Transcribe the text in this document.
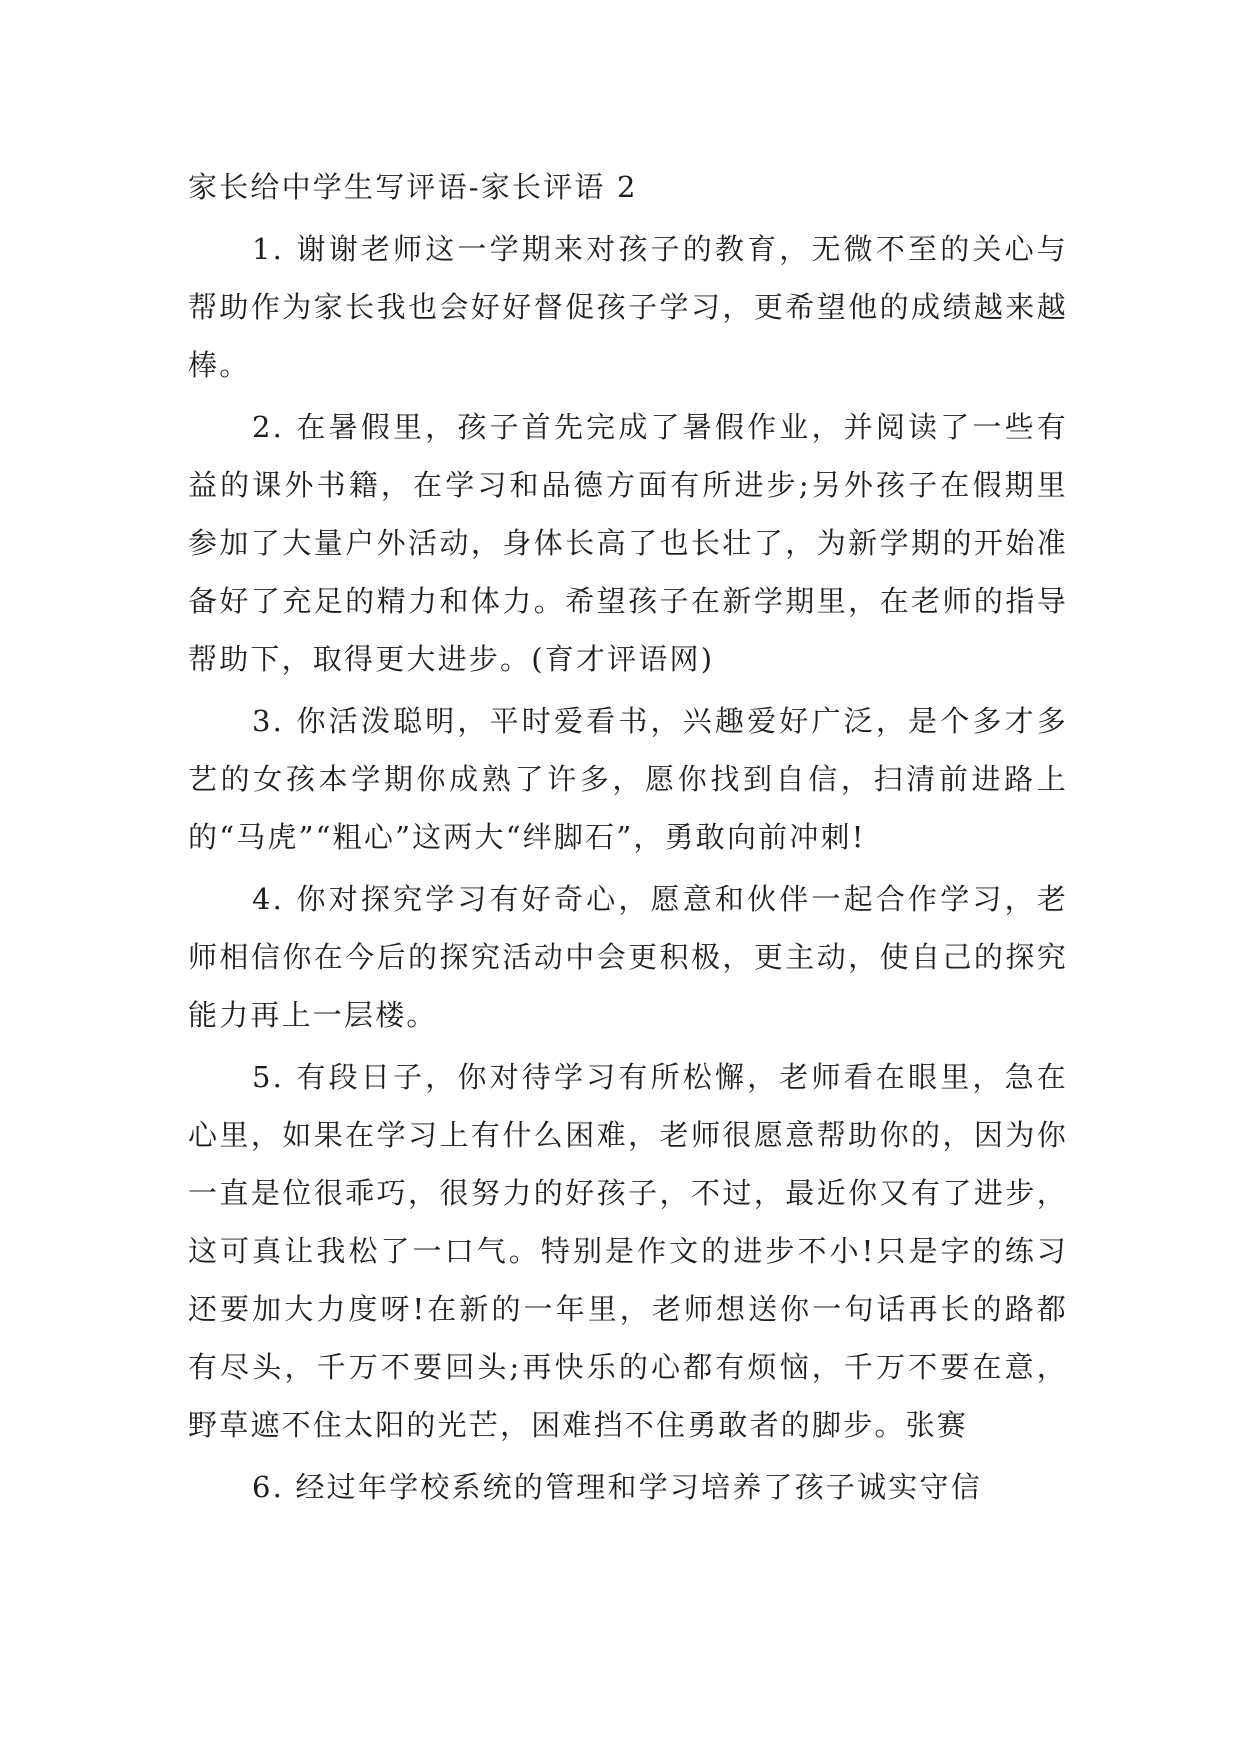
家长给中学生写评语-家长评语 2

1. 谢谢老师这一学期来对孩子的教育，无微不至的关心与帮助作为家长我也会好好督促孩子学习，更希望他的成绩越来越棒。

2. 在暑假里，孩子首先完成了暑假作业，并阅读了一些有益的课外书籍，在学习和品德方面有所进步;另外孩子在假期里参加了大量户外活动，身体长高了也长壮了，为新学期的开始准备好了充足的精力和体力。希望孩子在新学期里，在老师的指导帮助下，取得更大进步。(育才评语网)

3. 你活泼聪明，平时爱看书，兴趣爱好广泛，是个多才多艺的女孩本学期你成熟了许多，愿你找到自信，扫清前进路上的“马虎”“粗心”这两大“绊脚石”，勇敢向前冲刺!

4. 你对探究学习有好奇心，愿意和伙伴一起合作学习，老师相信你在今后的探究活动中会更积极，更主动，使自己的探究能力再上一层楼。

5. 有段日子，你对待学习有所松懈，老师看在眼里，急在心里，如果在学习上有什么困难，老师很愿意帮助你的，因为你一直是位很乖巧，很努力的好孩子，不过，最近你又有了进步，这可真让我松了一口气。特别是作文的进步不小!只是字的练习还要加大力度呀!在新的一年里，老师想送你一句话再长的路都有尽头，千万不要回头;再快乐的心都有烦恼，千万不要在意，野草遮不住太阳的光芒，困难挡不住勇敢者的脚步。张赛

6. 经过年学校系统的管理和学习培养了孩子诚实守信
